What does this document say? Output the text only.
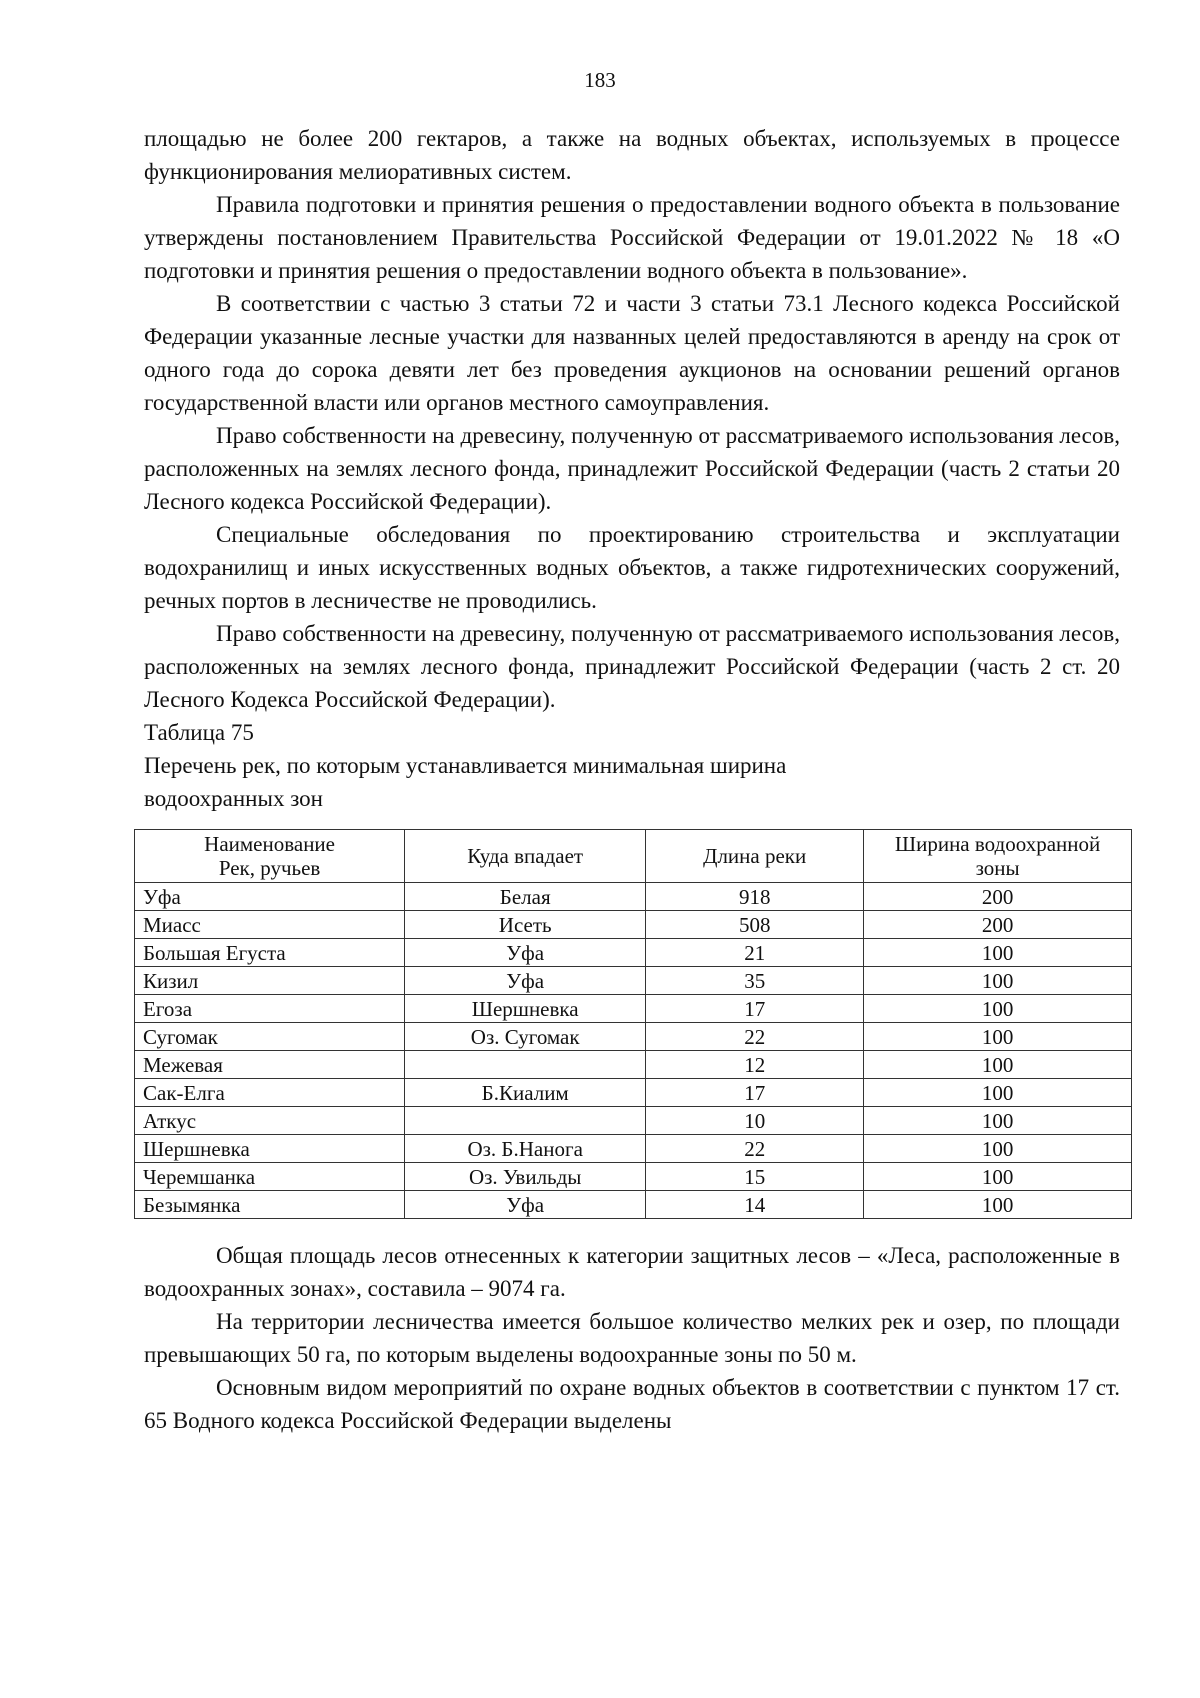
183

площадью не более 200 гектаров, а также на водных объектах, используемых в процессе функционирования мелиоративных систем.

Правила подготовки и принятия решения о предоставлении водного объекта в пользование утверждены постановлением Правительства Российской Федерации от 19.01.2022 № 18 «О подготовки и принятия решения о предоставлении водного объекта в пользование».

В соответствии с частью 3 статьи 72 и части 3 статьи 73.1 Лесного кодекса Российской Федерации указанные лесные участки для названных целей предоставляются в аренду на срок от одного года до сорока девяти лет без проведения аукционов на основании решений органов государственной власти или органов местного самоуправления.

Право собственности на древесину, полученную от рассматриваемого использования лесов, расположенных на землях лесного фонда, принадлежит Российской Федерации (часть 2 статьи 20 Лесного кодекса Российской Федерации).

Специальные обследования по проектированию строительства и эксплуатации водохранилищ и иных искусственных водных объектов, а также гидротехнических сооружений, речных портов в лесничестве не проводились.

Право собственности на древесину, полученную от рассматриваемого использования лесов, расположенных на землях лесного фонда, принадлежит Российской Федерации (часть 2 ст. 20 Лесного Кодекса Российской Федерации).

Таблица 75

Перечень рек, по которым устанавливается минимальная ширина
водоохранных зон

Наименование
Рек, ручьев	Куда впадает	Длина реки	Ширина водоохранной
зоны

Уфа	Белая	918	200
Миасс	Исеть	508	200
Большая Егуста	Уфа	21	100
Кизил	Уфа	35	100
Егоза	Шершневка	17	100
Сугомак	Оз. Сугомак	22	100
Межевая		12	100
Сак-Елга	Б.Киалим	17	100
Аткус		10	100
Шершневка	Оз. Б.Нанога	22	100
Черемшанка	Оз. Увильды	15	100
Безымянка	Уфа	14	100

Общая площадь лесов отнесенных к категории защитных лесов – «Леса, расположенные в водоохранных зонах», составила – 9074 га.

На территории лесничества имеется большое количество мелких рек и озер, по площади превышающих 50 га, по которым выделены водоохранные зоны по 50 м.

Основным видом мероприятий по охране водных объектов в соответствии с пунктом 17 ст. 65 Водного кодекса Российской Федерации выделены
